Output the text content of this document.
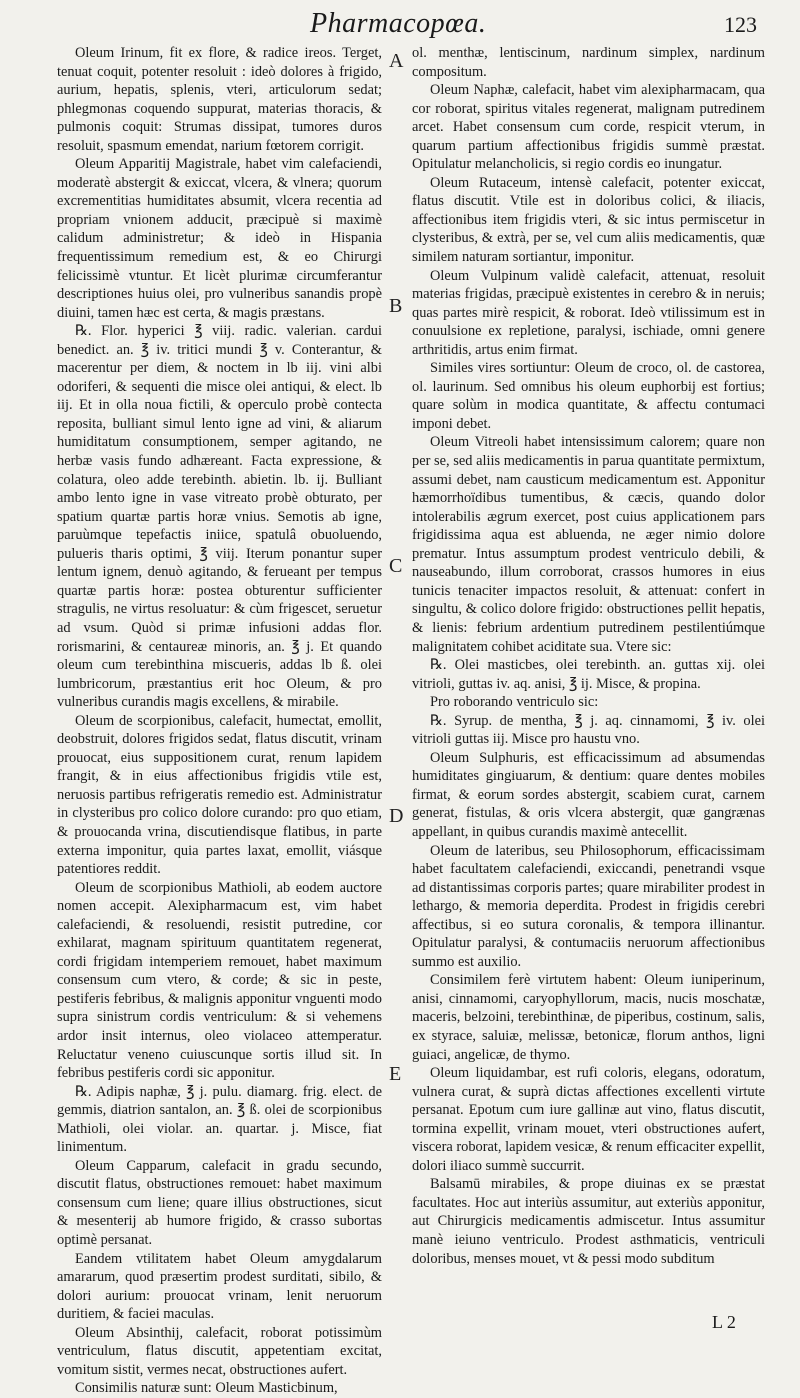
Pharmacopœa.	123

Oleum Irinum, fit ex flore, & radice ireos. Terget, tenuat coquit, potenter resoluit : ideò dolores à frigido, aurium, hepatis, splenis, vteri, articulorum sedat; phlegmonas coquendo suppurat, materias thoracis, & pulmonis coquit: Strumas dissipat, tumores duros resoluit, spasmum emendat, narium fœtorem corrigit.

Oleum Apparitij Magistrale, habet vim calefaciendi, moderatè abstergit & exiccat, vlcera, & vlnera; quorum excrementitias humiditates absumit, vlcera recentia ad propriam vnionem adducit, præcipuè si maximè calidum administretur; & ideò in Hispania frequentissimum remedium est, & eo Chirurgi felicissimè vtuntur. Et licèt plurimæ circumferantur descriptiones huius olei, pro vulneribus sanandis propè diuini, tamen hæc est certa, & magis præstans.

℞. Flor. hyperici ℥ viij. radic. valerian. cardui benedict. an. ℥ iv. tritici mundi ℥ v. Conterantur, & macerentur per diem, & noctem in lb iij. vini albi odoriferi, & sequenti die misce olei antiqui, & elect. lb iij. Et in olla noua fictili, & operculo probè contecta reposita, bulliant simul lento igne ad vini, & aliarum humiditatum consumptionem, semper agitando, ne herbæ vasis fundo adhæreant. Facta expressione, & colatura, oleo adde terebinth. abietin. lb. ij. Bulliant ambo lento igne in vase vitreato probè obturato, per spatium quartæ partis horæ vnius. Semotis ab igne, paruùmque tepefactis iniice, spatulâ obuoluendo, pulueris tharis optimi, ℥ viij. Iterum ponantur super lentum ignem, denuò agitando, & ferueant per tempus quartæ partis horæ: postea obturentur sufficienter stragulis, ne virtus resoluatur: & cùm frigescet, seruetur ad vsum. Quòd si primæ infusioni addas flor. rorismarini, & centaureæ minoris, an. ℥ j. Et quando oleum cum terebinthina miscueris, addas lb ß. olei lumbricorum, præstantius erit hoc Oleum, & pro vulneribus curandis magis excellens, & mirabile.

Oleum de scorpionibus, calefacit, humectat, emollit, deobstruit, dolores frigidos sedat, flatus discutit, vrinam prouocat, eius suppositionem curat, renum lapidem frangit, & in eius affectionibus frigidis vtile est, neruosis partibus refrigeratis remedio est. Administratur in clysteribus pro colico dolore curando: pro quo etiam, & prouocanda vrina, discutiendisque flatibus, in parte externa imponitur, quia partes laxat, emollit, viásque patentiores reddit.

Oleum de scorpionibus Mathioli, ab eodem auctore nomen accepit. Alexipharmacum est, vim habet calefaciendi, & resoluendi, resistit putredine, cor exhilarat, magnam spirituum quantitatem regenerat, cordi frigidam intemperiem remouet, habet maximum consensum cum vtero, & corde; & sic in peste, pestiferis febribus, & malignis apponitur vnguenti modo supra sinistrum cordis ventriculum: & si vehemens ardor insit internus, oleo violaceo attemperatur. Reluctatur veneno cuiuscunque sortis illud sit. In febribus pestiferis cordi sic apponitur.

℞. Adipis naphæ, ℥ j. pulu. diamarg. frig. elect. de gemmis, diatrion santalon, an. ℥ ß. olei de scorpionibus Mathioli, olei violar. an. quartar. j. Misce, fiat linimentum.

Oleum Capparum, calefacit in gradu secundo, discutit flatus, obstructiones remouet: habet maximum consensum cum liene; quare illius obstructiones, sicut & mesenterij ab humore frigido, & crasso subortas optimè persanat.

Eandem vtilitatem habet Oleum amygdalarum amararum, quod præsertim prodest surditati, sibilo, & dolori aurium: prouocat vrinam, lenit neruorum duritiem, & faciei maculas.

Oleum Absinthij, calefacit, roborat potissimùm ventriculum, flatus discutit, appetentiam excitat, vomitum sistit, vermes necat, obstructiones aufert.

Consimilis naturæ sunt: Oleum Masticbinum,

A
B
C
D
E

ol. menthæ, lentiscinum, nardinum simplex, nardinum compositum.

Oleum Naphæ, calefacit, habet vim alexipharmacam, qua cor roborat, spiritus vitales regenerat, malignam putredinem arcet. Habet consensum cum corde, respicit vterum, in quarum partium affectionibus frigidis summè præstat. Opitulatur melancholicis, si regio cordis eo inungatur.

Oleum Rutaceum, intensè calefacit, potenter exiccat, flatus discutit. Vtile est in doloribus colici, & iliacis, affectionibus item frigidis vteri, & sic intus permiscetur in clysteribus, & extrà, per se, vel cum aliis medicamentis, quæ similem naturam sortiantur, imponitur.

Oleum Vulpinum validè calefacit, attenuat, resoluit materias frigidas, præcipuè existentes in cerebro & in neruis; quas partes mirè respicit, & roborat. Ideò vtilissimum est in conuulsione ex repletione, paralysi, ischiade, omni genere arthritidis, artus enim firmat.

Similes vires sortiuntur: Oleum de croco, ol. de castorea, ol. laurinum. Sed omnibus his oleum euphorbij est fortius; quare solùm in modica quantitate, & affectu contumaci imponi debet.

Oleum Vitreoli habet intensissimum calorem; quare non per se, sed aliis medicamentis in parua quantitate permixtum, assumi debet, nam causticum medicamentum est. Apponitur hæmorrhoïdibus tumentibus, & cæcis, quando dolor intolerabilis ægrum exercet, post cuius applicationem pars frigidissima aqua est abluenda, ne æger nimio dolore prematur. Intus assumptum prodest ventriculo debili, & nauseabundo, illum corroborat, crassos humores in eius tunicis tenaciter impactos resoluit, & attenuat: confert in singultu, & colico dolore frigido: obstructiones pellit hepatis, & lienis: febrium ardentium putredinem pestilentiúmque malignitatem cohibet aciditate sua. Vtere sic:

℞. Olei masticbes, olei terebinth. an. guttas xij. olei vitrioli, guttas iv. aq. anisi, ℥ ij. Misce, & propina.

Pro roborando ventriculo sic:

℞. Syrup. de mentha, ℥ j. aq. cinnamomi, ℥ iv. olei vitrioli guttas iij. Misce pro haustu vno.

Oleum Sulphuris, est efficacissimum ad absumendas humiditates gingiuarum, & dentium: quare dentes mobiles firmat, & eorum sordes abstergit, scabiem curat, carnem generat, fistulas, & oris vlcera abstergit, quæ gangrænas appellant, in quibus curandis maximè antecellit.

Oleum de lateribus, seu Philosophorum, efficacissimam habet facultatem calefaciendi, exiccandi, penetrandi vsque ad distantissimas corporis partes; quare mirabiliter prodest in lethargo, & memoria deperdita. Prodest in frigidis cerebri affectibus, si eo sutura coronalis, & tempora illinantur. Opitulatur paralysi, & contumaciis neruorum affectionibus summo est auxilio.

Consimilem ferè virtutem habent: Oleum iuniperinum, anisi, cinnamomi, caryophyllorum, macis, nucis moschatæ, maceris, belzoini, terebinthinæ, de piperibus, costinum, salis, ex styrace, saluiæ, melissæ, betonicæ, florum anthos, ligni guiaci, angelicæ, de thymo.

Oleum liquidambar, est rufi coloris, elegans, odoratum, vulnera curat, & suprà dictas affectiones excellenti virtute persanat. Epotum cum iure gallinæ aut vino, flatus discutit, tormina expellit, vrinam mouet, vteri obstructiones aufert, viscera roborat, lapidem vesicæ, & renum efficaciter expellit, dolori iliaco summè succurrit.

Balsamū mirabiles, & prope diuinas ex se præstat facultates. Hoc aut interiùs assumitur, aut exteriùs apponitur, aut Chirurgicis medicamentis admiscetur. Intus assumitur manè ieiuno ventriculo. Prodest asthmaticis, ventriculi doloribus, menses mouet, vt & pessi modo subditum

L 2
